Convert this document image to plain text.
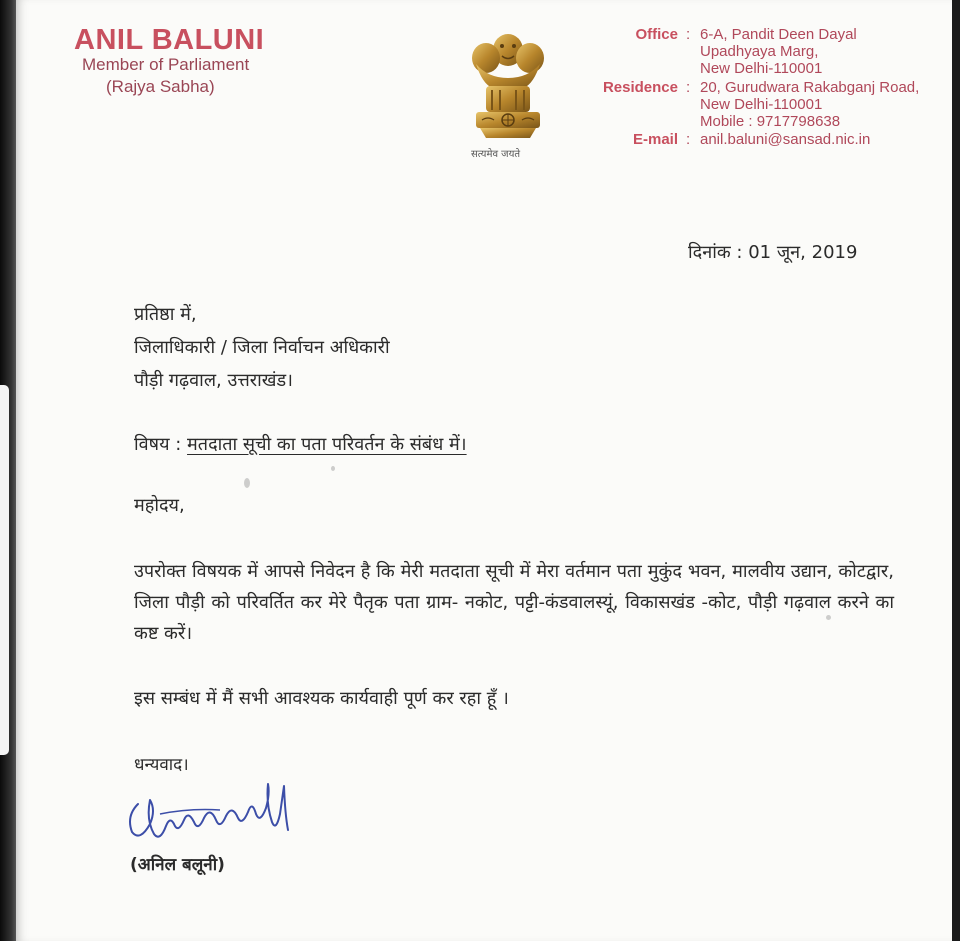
ANIL BALUNI
Member of Parliament
(Rajya Sabha)
सत्यमेव जयते
Office : 6-A, Pandit Deen Dayal
Upadhyaya Marg,
New Delhi-110001
Residence : 20, Gurudwara Rakabganj Road,
New Delhi-110001
Mobile : 9717798638
E-mail : anil.baluni@sansad.nic.in
दिनांक : 01 जून, 2019
प्रतिष्ठा में,
जिलाधिकारी / जिला निर्वाचन अधिकारी
पौड़ी गढ़वाल, उत्तराखंड।
विषय : मतदाता सूची का पता परिवर्तन के संबंध में।
महोदय,
उपरोक्त विषयक में आपसे निवेदन है कि मेरी मतदाता सूची में मेरा वर्तमान पता मुकुंद भवन, मालवीय उद्यान, कोटद्वार, जिला पौड़ी को परिवर्तित कर मेरे पैतृक पता ग्राम- नकोट, पट्टी-कंडवालस्यूं, विकासखंड -कोट, पौड़ी गढ़वाल करने का कष्ट करें।
इस सम्बंध में मैं सभी आवश्यक कार्यवाही पूर्ण कर रहा हूँ ।
धन्यवाद।
(अनिल बलूनी)
